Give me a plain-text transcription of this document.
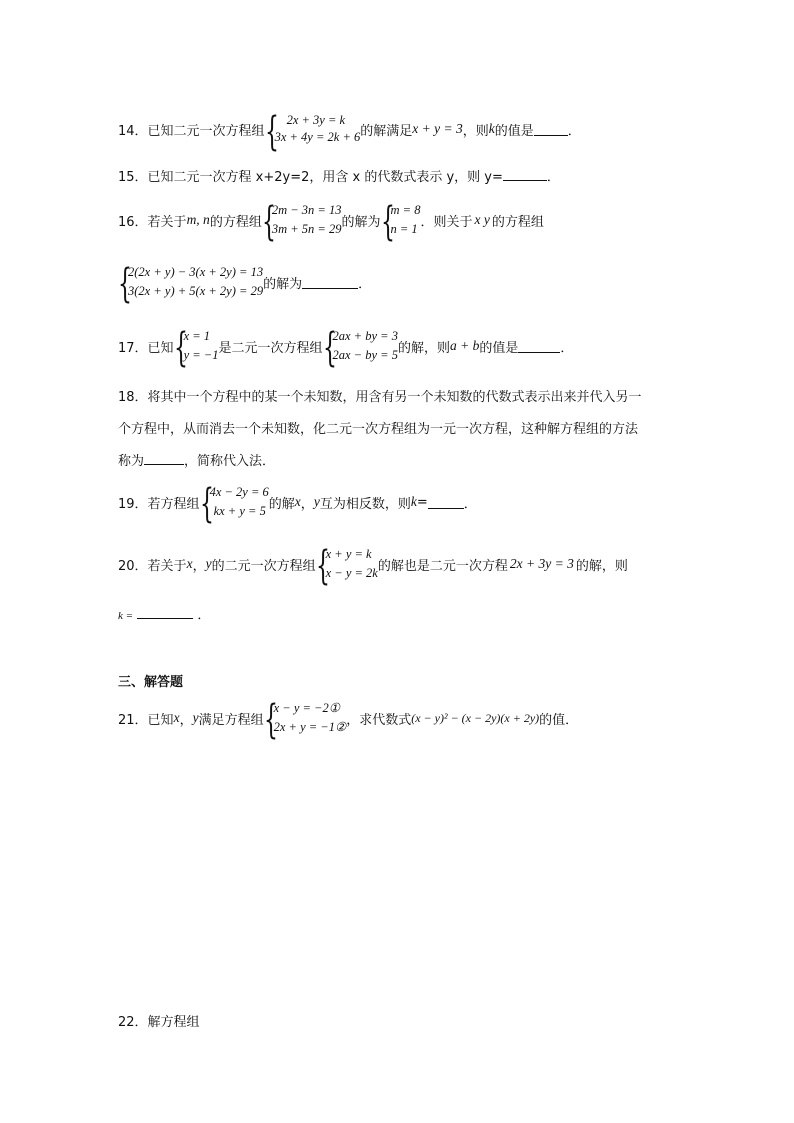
14． 已知二元一次方程组 { 2x + 3y = k
3x + 4y = 2k + 6 的解满足 x + y = 3 ，则 k 的值是	．
15．已知二元一次方程 x+2y=2，用含 x 的代数式表示 y，则 y=	．
16． 若关于 m, n 的方程组 {
2m − 3n = 13
3m + 5n = 29 的解为 {
m = 8
n = 1 ．则关于 x y 的方程组
{
2(2x + y) − 3(x + 2y) = 13
3(2x + y) + 5(x + 2y) = 29 的解为	．
17． 已知 {
x = 1
y = −1 是二元一次方程组 {
2ax + by = 3
2ax − by = 5 的解，则 a + b 的值是	．
18．将其中一个方程中的某一个未知数，用含有另一个未知数的代数式表示出来并代入另一
个方程中，从而消去一个未知数，化二元一次方程组为一元一次方程，这种解方程组的方法
称为	，简称代入法．
19． 若方程组 {
4x − 2y = 6
kx + y = 5 的解 x ， y 互为相反数，则 k =	．
20． 若关于 x ， y 的二元一次方程组 {
x + y = k
x − y = 2k 的解也是二元一次方程 2x + 3y = 3 的解，则
k =	．
三、解答题
21． 已知 x ， y 满足方程组 {
x − y = −2①
2x + y = −1② ，求代数式 (x − y)² − (x − 2y)(x + 2y) 的值．
22．解方程组
